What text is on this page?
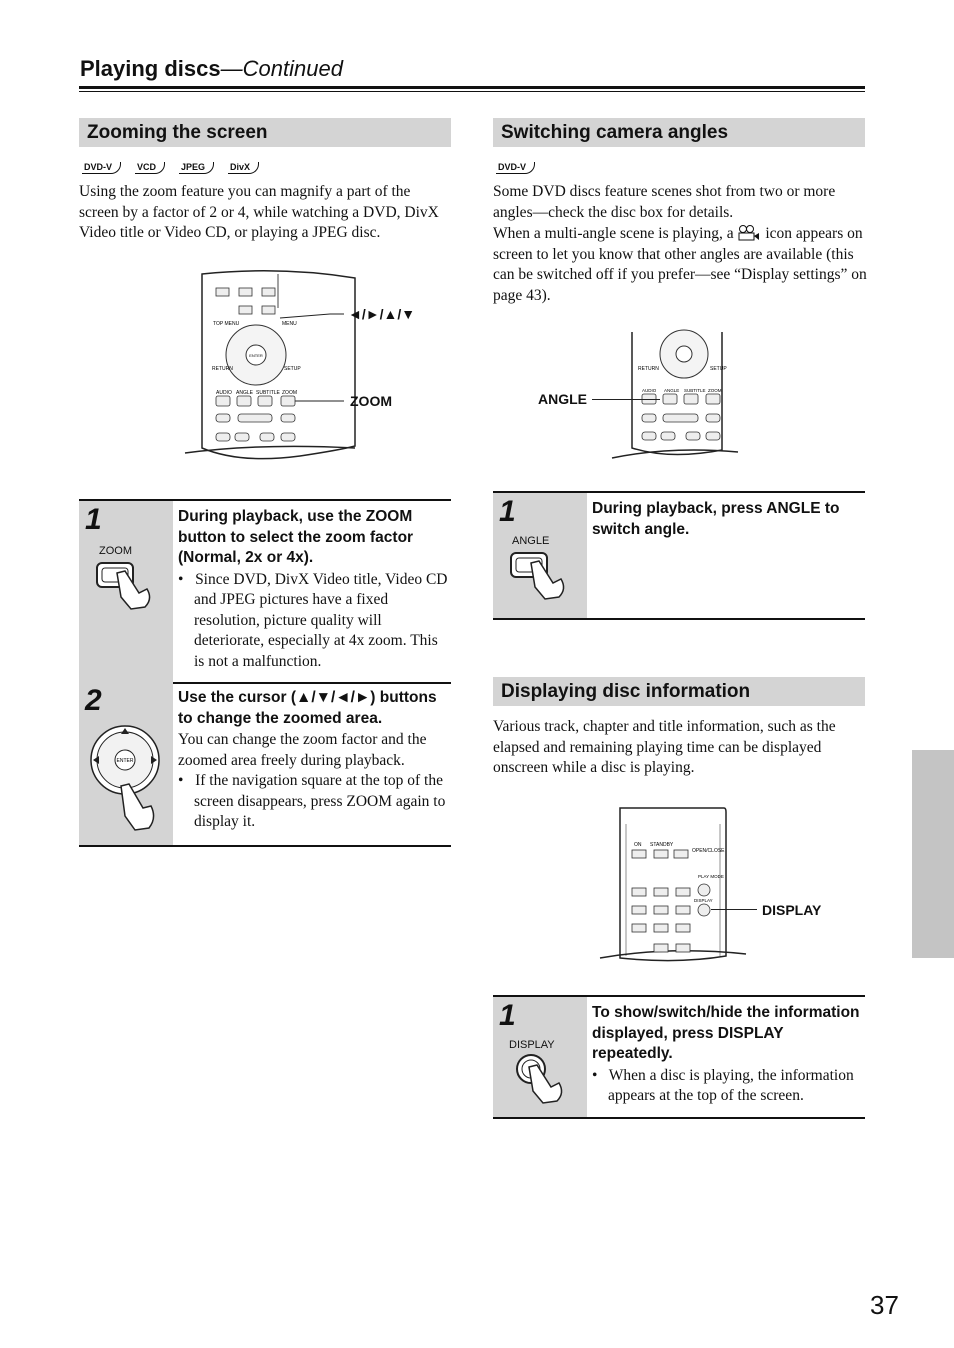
Playing discs—Continued
Zooming the screen
DVD-V	VCD	JPEG	DivX
Using the zoom feature you can magnify a part of the screen by a factor of 2 or 4, while watching a DVD, DivX Video title or Video CD, or playing a JPEG disc.
ENTER
TOP MENU	MENU
RETURN	SETUP
AUDIO ANGLE SUBTITLE ZOOM
◄/►/▲/▼
ZOOM
1
ZOOM
During playback, use the ZOOM button to select the zoom factor (Normal, 2x or 4x).
•   Since DVD, DivX Video title, Video CD and JPEG pictures have a fixed resolution, picture quality will deteriorate, especially at 4x zoom. This is not a malfunction.
2
ENTER
Use the cursor (▲/▼/◄/►) buttons to change the zoomed area.
You can change the zoom factor and the zoomed area freely during playback.
•   If the navigation square at the top of the screen disappears, press ZOOM again to display it.
Switching camera angles
DVD-V
Some DVD discs feature scenes shot from two or more angles—check the disc box for details.
When a multi-angle scene is playing, a icon appears on screen to let you know that other angles are available (this can be switched off if you prefer—see “Display settings” on page 43).
RETURN	SETUP
AUDIO ANGLE SUBTITLE ZOOM
ANGLE
1
ANGLE
During playback, press ANGLE to switch angle.
Displaying disc information
Various track, chapter and title information, such as the elapsed and remaining playing time can be displayed onscreen while a disc is playing.
ON STANDBY
OPEN/CLOSE
PLAY MODE
DISPLAY
DISPLAY
1
DISPLAY
To show/switch/hide the information displayed, press DISPLAY repeatedly.
•   When a disc is playing, the information appears at the top of the screen.
37
